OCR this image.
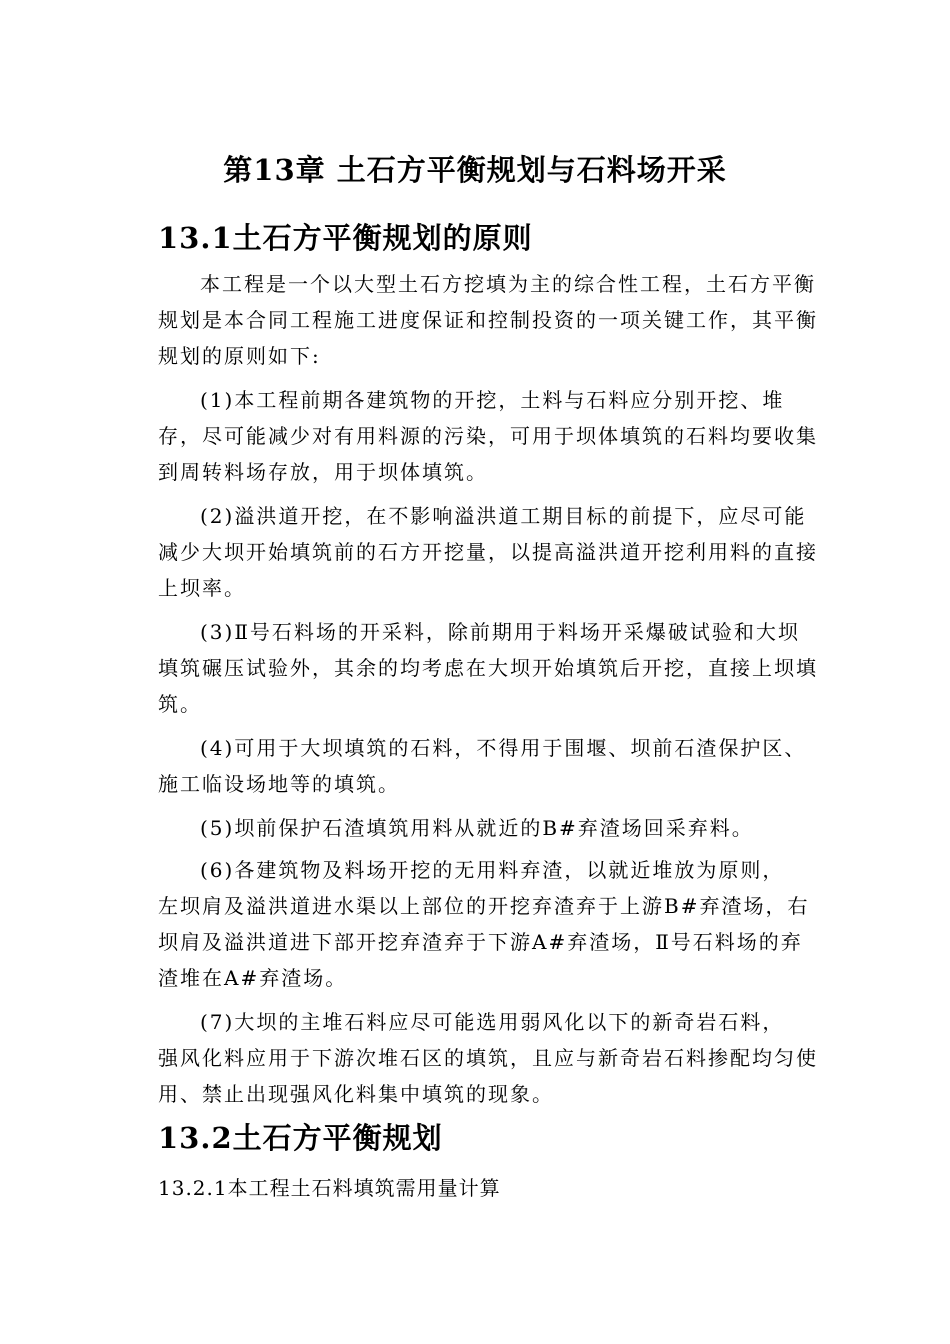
第13章 土石方平衡规划与石料场开采
13.1土石方平衡规划的原则

本工程是一个以大型土石方挖填为主的综合性工程，土石方平衡规划是本合同工程施工进度保证和控制投资的一项关键工作，其平衡规划的原则如下:

(1)本工程前期各建筑物的开挖，土料与石料应分别开挖、堆存，尽可能减少对有用料源的污染，可用于坝体填筑的石料均要收集到周转料场存放，用于坝体填筑。

(2)溢洪道开挖，在不影响溢洪道工期目标的前提下，应尽可能减少大坝开始填筑前的石方开挖量，以提高溢洪道开挖利用料的直接上坝率。

(3)Ⅱ号石料场的开采料，除前期用于料场开采爆破试验和大坝填筑碾压试验外，其余的均考虑在大坝开始填筑后开挖，直接上坝填筑。

(4)可用于大坝填筑的石料，不得用于围堰、坝前石渣保护区、施工临设场地等的填筑。

(5)坝前保护石渣填筑用料从就近的B#弃渣场回采弃料。

(6)各建筑物及料场开挖的无用料弃渣，以就近堆放为原则，

左坝肩及溢洪道进水渠以上部位的开挖弃渣弃于上游B#弃渣场，右坝肩及溢洪道进下部开挖弃渣弃于下游A#弃渣场，Ⅱ号石料场的弃渣堆在A#弃渣场。

(7)大坝的主堆石料应尽可能选用弱风化以下的新奇岩石料，

强风化料应用于下游次堆石区的填筑，且应与新奇岩石料掺配均匀使用、禁止出现强风化料集中填筑的现象。

13.2土石方平衡规划
13.2.1本工程土石料填筑需用量计算
